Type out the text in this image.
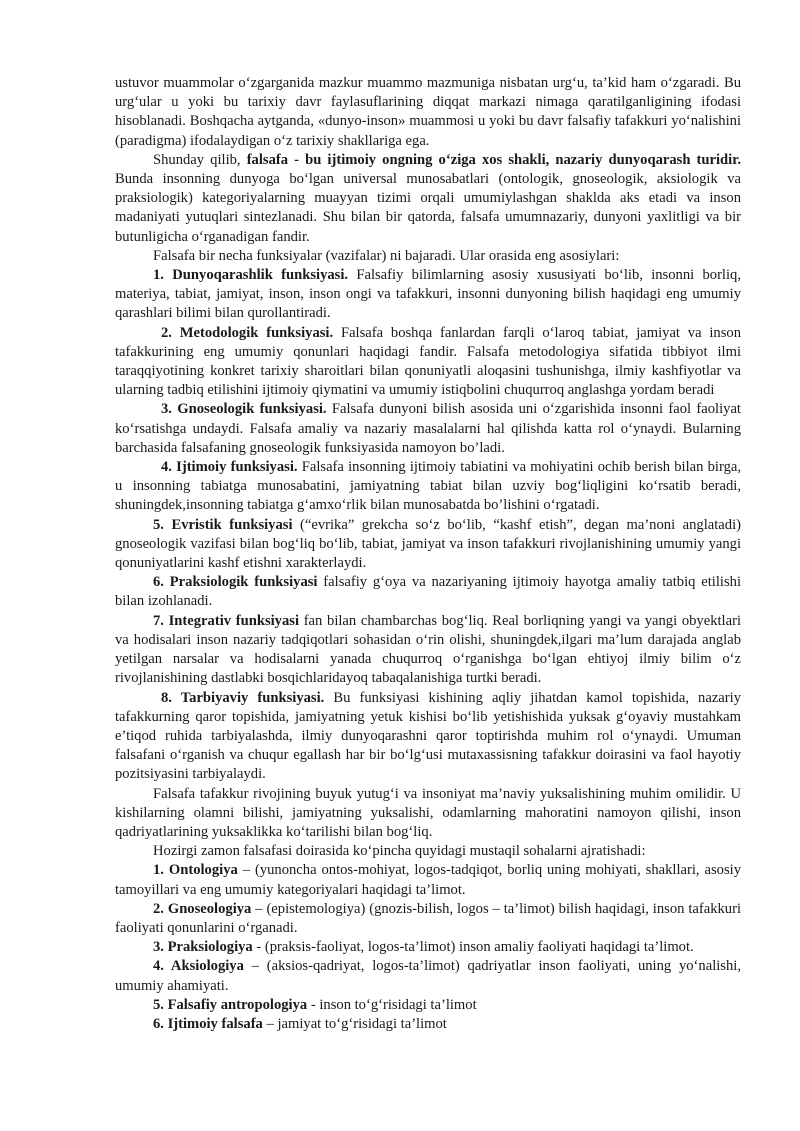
ustuvor muammolar o‘zgarganida mazkur muammo mazmuniga nisbatan urg‘u, ta’kid ham o‘zgaradi. Bu urg‘ular u yoki bu tarixiy davr faylasuflarining diqqat markazi nimaga qaratilganligining ifodasi hisoblanadi. Boshqacha aytganda, «dunyo-inson» muammosi u yoki bu davr falsafiy tafakkuri yo‘nalishini (paradigma) ifodalaydigan o‘z tarixiy shakllariga ega.

Shunday qilib, falsafa - bu ijtimoiy ongning o‘ziga xos shakli, nazariy dunyoqarash turidir. Bunda insonning dunyoga bo‘lgan universal munosabatlari (ontologik, gnoseologik, aksiologik va praksiologik) kategoriyalarning muayyan tizimi orqali umumiylashgan shaklda aks etadi va inson madaniyati yutuqlari sintezlanadi. Shu bilan bir qatorda, falsafa umumnazariy, dunyoni yaxlitligi va bir butunligicha o‘rganadigan fandir.

Falsafa bir necha funksiyalar (vazifalar) ni bajaradi. Ular orasida eng asosiylari:

1. Dunyoqarashlik funksiyasi. Falsafiy bilimlarning asosiy xususiyati bo‘lib, insonni borliq, materiya, tabiat, jamiyat, inson, inson ongi va tafakkuri, insonni dunyoning bilish haqidagi eng umumiy qarashlari bilimi bilan qurollantiradi.

2. Metodologik funksiyasi. Falsafa boshqa fanlardan farqli o‘laroq tabiat, jamiyat va inson tafakkurining eng umumiy qonunlari haqidagi fandir. Falsafa metodologiya sifatida tibbiyot ilmi taraqqiyotining konkret tarixiy sharoitlari bilan qonuniyatli aloqasini tushunishga, ilmiy kashfiyotlar va ularning tadbiq etilishini ijtimoiy qiymatini va umumiy istiqbolini chuqurroq anglashga yordam beradi

3. Gnoseologik funksiyasi. Falsafa dunyoni bilish asosida uni o‘zgarishida insonni faol faoliyat ko‘rsatishga undaydi. Falsafa amaliy va nazariy masalalarni hal qilishda katta rol o‘ynaydi. Bularning barchasida falsafaning gnoseologik funksiyasida namoyon bo’ladi.

4. Ijtimoiy funksiyasi. Falsafa insonning ijtimoiy tabiatini va mohiyatini ochib berish bilan birga, u insonning tabiatga munosabatini, jamiyatning tabiat bilan uzviy bog‘liqligini ko‘rsatib beradi, shuningdek,insonning tabiatga g‘amxo‘rlik bilan munosabatda bo’lishini o‘rgatadi.

5. Evristik funksiyasi (“evrika” grekcha so‘z bo‘lib, “kashf etish”, degan ma’noni anglatadi) gnoseologik vazifasi bilan bog‘liq bo‘lib, tabiat, jamiyat va inson tafakkuri rivojlanishining umumiy yangi qonuniyatlarini kashf etishni xarakterlaydi.

6. Praksiologik funksiyasi falsafiy g‘oya va nazariyaning ijtimoiy hayotga amaliy tatbiq etilishi bilan izohlanadi.

7. Integrativ funksiyasi fan bilan chambarchas bog‘liq. Real borliqning yangi va yangi obyektlari va hodisalari inson nazariy tadqiqotlari sohasidan o‘rin olishi, shuningdek,ilgari ma’lum darajada anglab yetilgan narsalar va hodisalarni yanada chuqurroq o‘rganishga bo‘lgan ehtiyoj ilmiy bilim o‘z rivojlanishining dastlabki bosqichlaridayoq tabaqalanishiga turtki beradi.

8. Tarbiyaviy funksiyasi. Bu funksiyasi kishining aqliy jihatdan kamol topishida, nazariy tafakkurning qaror topishida, jamiyatning yetuk kishisi bo‘lib yetishishida yuksak g‘oyaviy mustahkam e’tiqod ruhida tarbiyalashda, ilmiy dunyoqarashni qaror toptirishda muhim rol o‘ynaydi. Umuman falsafani o‘rganish va chuqur egallash har bir bo‘lg‘usi mutaxassisning tafakkur doirasini va faol hayotiy pozitsiyasini tarbiyalaydi.

Falsafa tafakkur rivojining buyuk yutug‘i va insoniyat ma’naviy yuksalishining muhim omilidir. U kishilarning olamni bilishi, jamiyatning yuksalishi, odamlarning mahoratini namoyon qilishi, inson qadriyatlarining yuksaklikka ko‘tarilishi bilan bog‘liq.

Hozirgi zamon falsafasi doirasida ko‘pincha quyidagi mustaqil sohalarni ajratishadi:

1. Ontologiya – (yunoncha ontos-mohiyat, logos-tadqiqot, borliq uning mohiyati, shakllari, asosiy tamoyillari va eng umumiy kategoriyalari haqidagi ta’limot.

2. Gnoseologiya – (epistemologiya) (gnozis-bilish, logos – ta’limot) bilish haqidagi, inson tafakkuri faoliyati qonunlarini o‘rganadi.

3. Praksiologiya - (praksis-faoliyat, logos-ta’limot) inson amaliy faoliyati haqidagi ta’limot.

4. Aksiologiya – (aksios-qadriyat, logos-ta’limot) qadriyatlar inson faoliyati, uning yo‘nalishi, umumiy ahamiyati.

5. Falsafiy antropologiya - inson to‘g‘risidagi ta’limot

6. Ijtimoiy falsafa – jamiyat to‘g‘risidagi ta’limot
